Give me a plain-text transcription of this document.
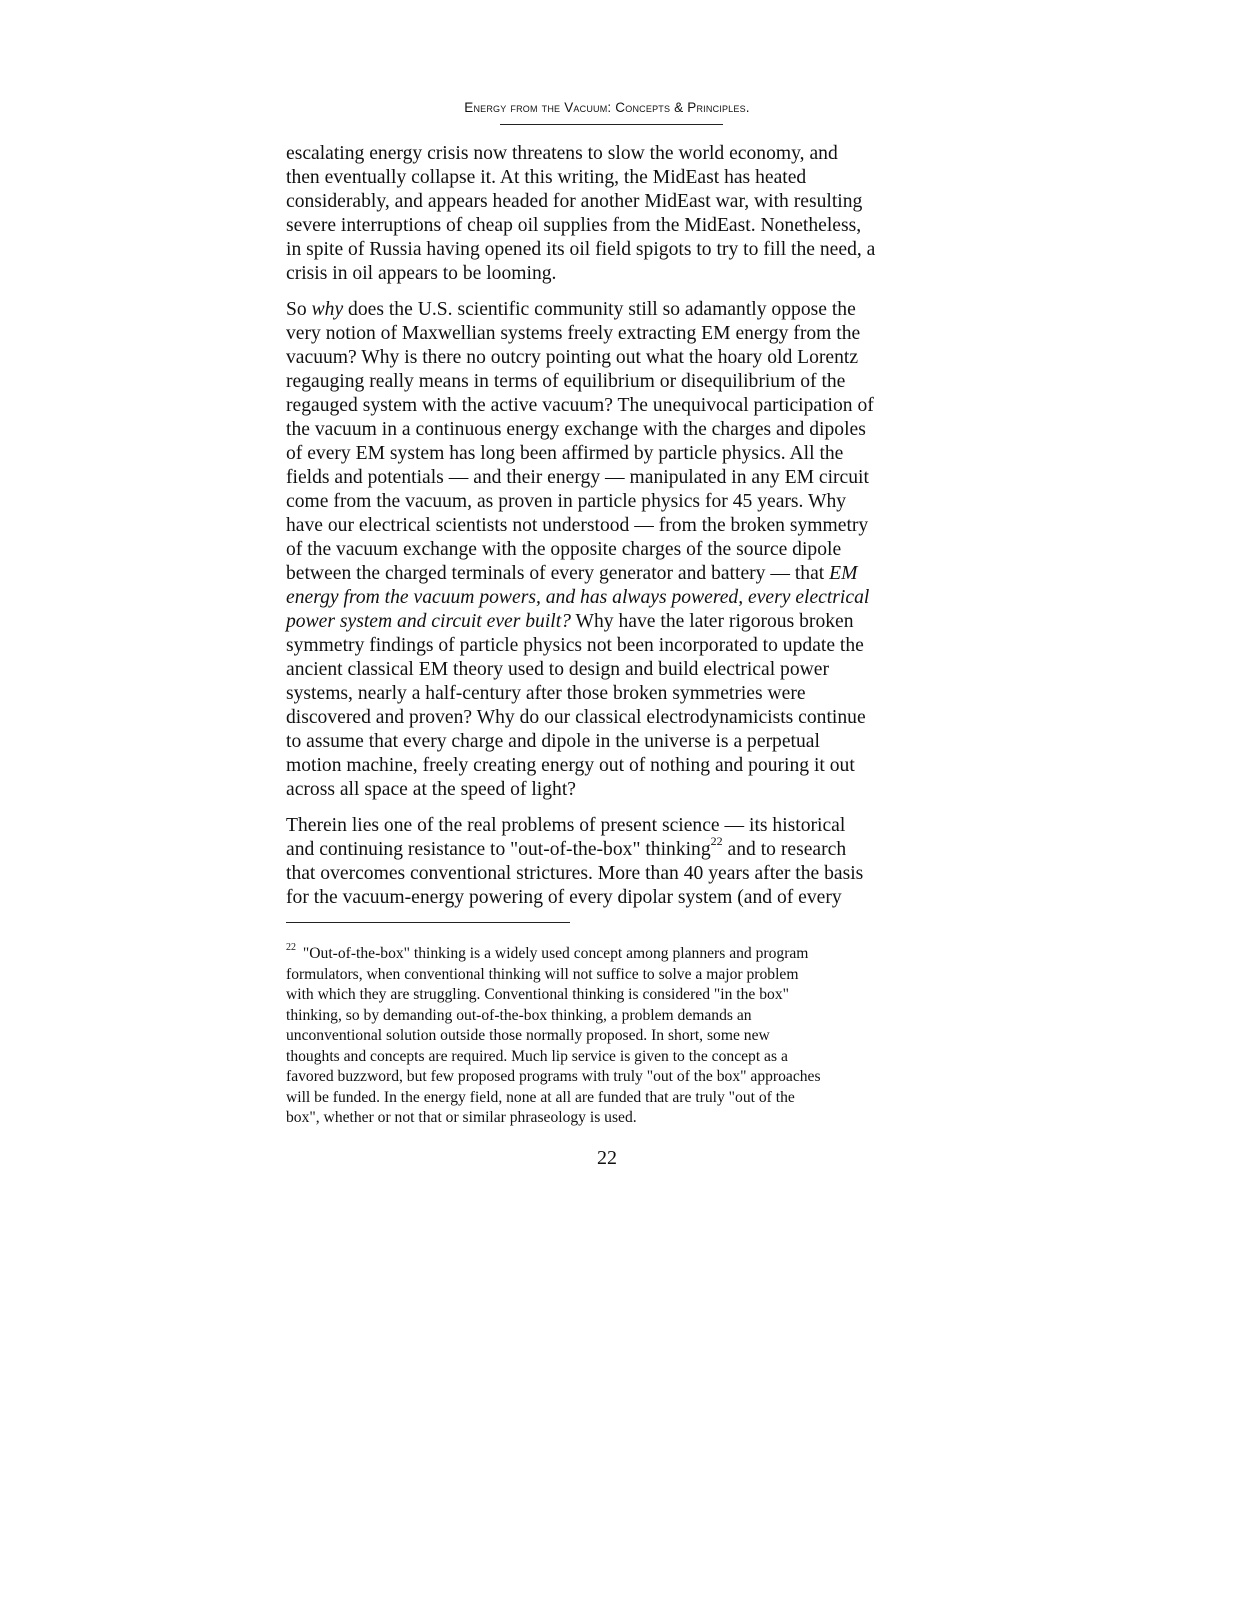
Energy from the Vacuum: Concepts & Principles.

escalating energy crisis now threatens to slow the world economy, and
then eventually collapse it. At this writing, the MidEast has heated
considerably, and appears headed for another MidEast war, with resulting
severe interruptions of cheap oil supplies from the MidEast. Nonetheless,
in spite of Russia having opened its oil field spigots to try to fill the need, a
crisis in oil appears to be looming.

So why does the U.S. scientific community still so adamantly oppose the
very notion of Maxwellian systems freely extracting EM energy from the
vacuum? Why is there no outcry pointing out what the hoary old Lorentz
regauging really means in terms of equilibrium or disequilibrium of the
regauged system with the active vacuum? The unequivocal participation of
the vacuum in a continuous energy exchange with the charges and dipoles
of every EM system has long been affirmed by particle physics. All the
fields and potentials — and their energy — manipulated in any EM circuit
come from the vacuum, as proven in particle physics for 45 years. Why
have our electrical scientists not understood — from the broken symmetry
of the vacuum exchange with the opposite charges of the source dipole
between the charged terminals of every generator and battery — that EM
energy from the vacuum powers, and has always powered, every electrical
power system and circuit ever built? Why have the later rigorous broken
symmetry findings of particle physics not been incorporated to update the
ancient classical EM theory used to design and build electrical power
systems, nearly a half-century after those broken symmetries were
discovered and proven? Why do our classical electrodynamicists continue
to assume that every charge and dipole in the universe is a perpetual
motion machine, freely creating energy out of nothing and pouring it out
across all space at the speed of light?

Therein lies one of the real problems of present science — its historical
and continuing resistance to "out-of-the-box" thinking$^{22}$ and to research
that overcomes conventional strictures. More than 40 years after the basis
for the vacuum-energy powering of every dipolar system (and of every

$^{22}$ "Out-of-the-box" thinking is a widely used concept among planners and program
formulators, when conventional thinking will not suffice to solve a major problem
with which they are struggling. Conventional thinking is considered "in the box"
thinking, so by demanding out-of-the-box thinking, a problem demands an
unconventional solution outside those normally proposed. In short, some new
thoughts and concepts are required. Much lip service is given to the concept as a
favored buzzword, but few proposed programs with truly "out of the box" approaches
will be funded. In the energy field, none at all are funded that are truly "out of the
box", whether or not that or similar phraseology is used.
22
